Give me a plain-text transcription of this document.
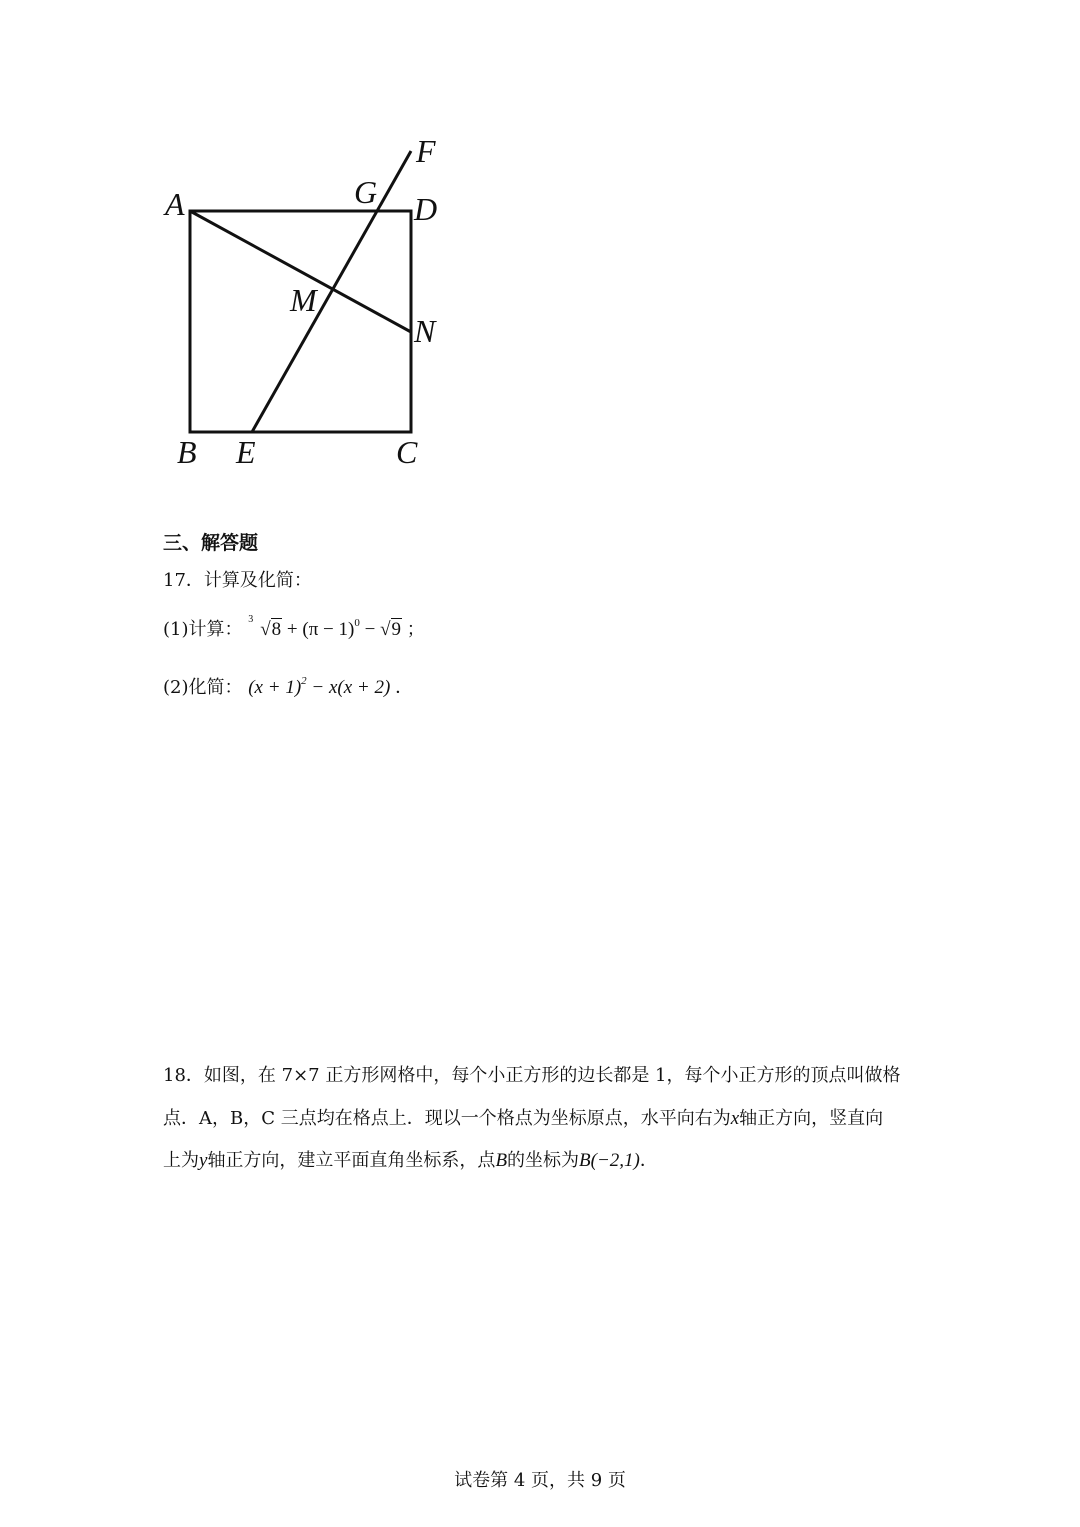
F
A	G D
M
N
B E	C
三、解答题
17．计算及化简：
(1)计算： 3 $√8 + (\pi - 1)^0 - √9$ ；
(2)化简： $(x + 1)^2 - x(x + 2)$ ．
18．如图，在 7×7 正方形网格中，每个小正方形的边长都是 1，每个小正方形的顶点叫做格
点．A，B，C 三点均在格点上．现以一个格点为坐标原点，水平向右为x轴正方向，竖直向
上为y轴正方向，建立平面直角坐标系，点B的坐标为B(−2,1)．
试卷第 4 页，共 9 页
